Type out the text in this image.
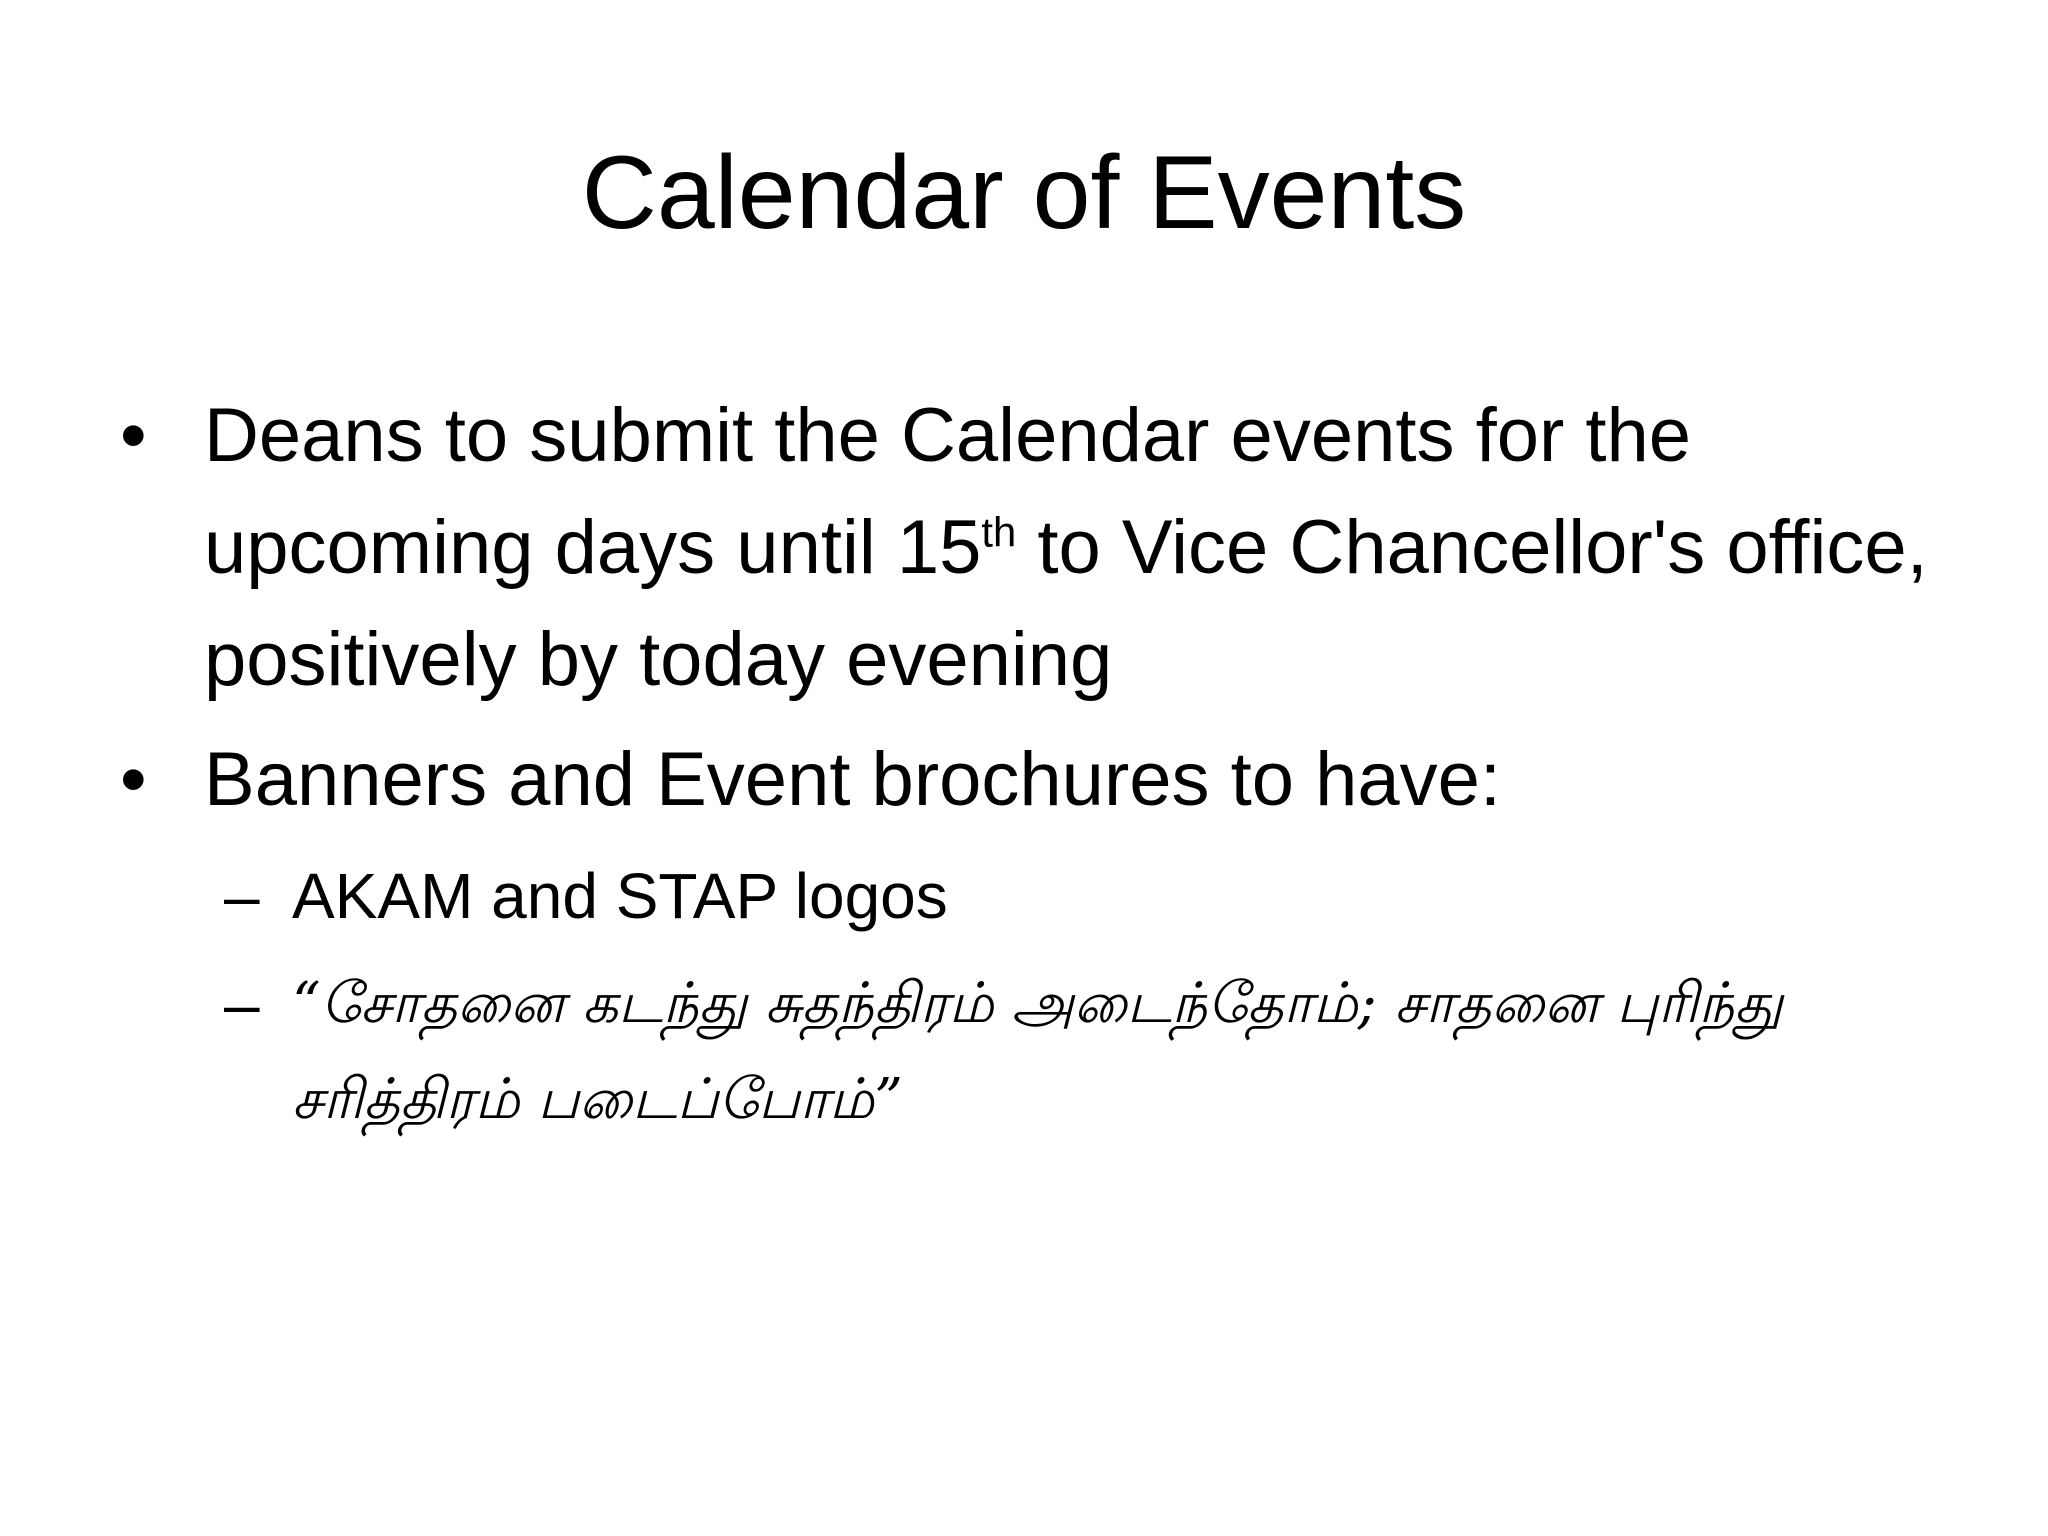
Calendar of Events
• Deans to submit the Calendar events for the upcoming days until 15th to Vice Chancellor's office, positively by today evening
• Banners and Event brochures to have:
– AKAM and STAP logos
– “சோதனை கடந்து சுதந்திரம் அடைந்தோம்; சாதனை புரிந்து சரித்திரம் படைப்போம்”
